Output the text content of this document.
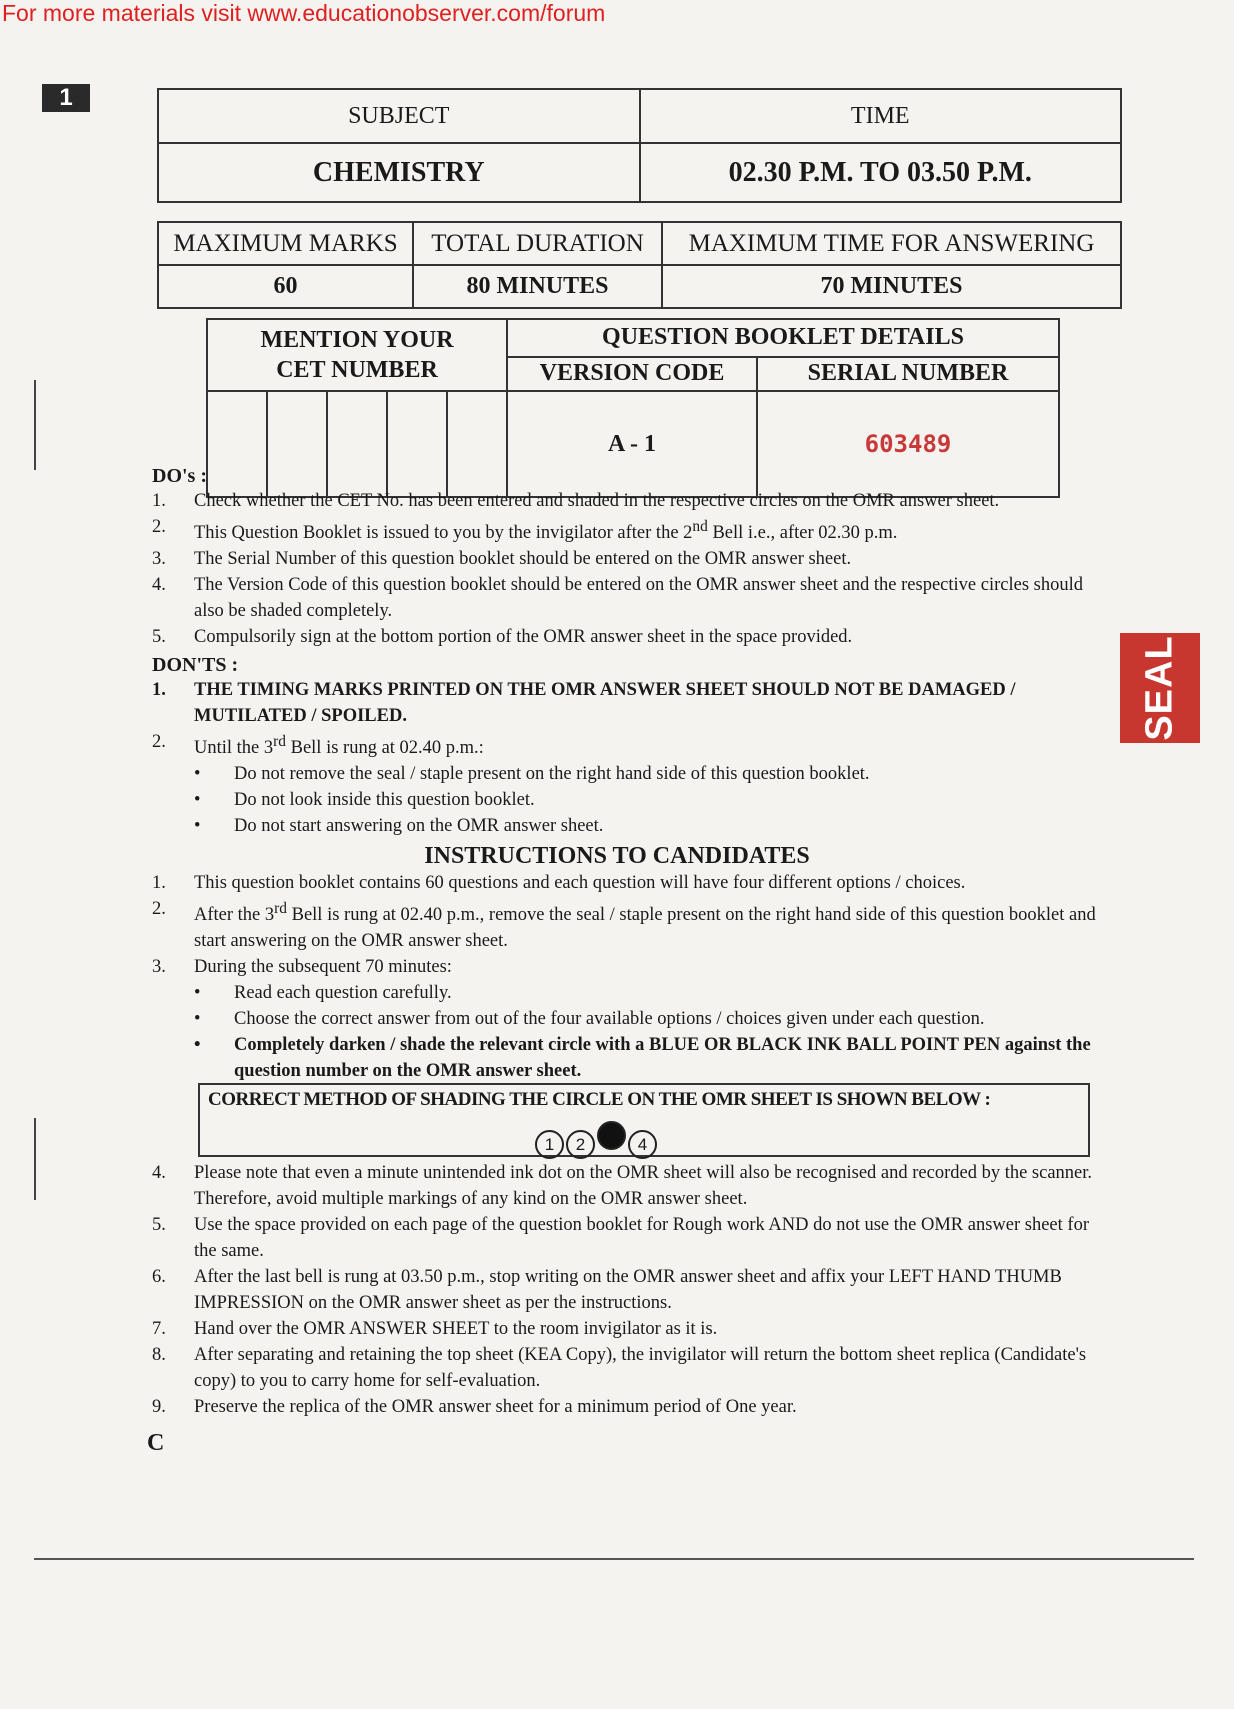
For more materials visit www.educationobserver.com/forum
1
SUBJECT	TIME
CHEMISTRY	02.30 P.M. TO 03.50 P.M.
MAXIMUM MARKS	TOTAL DURATION	MAXIMUM TIME FOR ANSWERING
60	80 MINUTES	70 MINUTES
MENTION YOUR
CET NUMBER					QUESTION BOOKLET DETAILS	
					VERSION CODE	SERIAL NUMBER
					A - 1	603489
DO's :
1. Check whether the CET No. has been entered and shaded in the respective circles on the OMR answer sheet.
2. This Question Booklet is issued to you by the invigilator after the 2nd Bell i.e., after 02.30 p.m.
3. The Serial Number of this question booklet should be entered on the OMR answer sheet.
4. The Version Code of this question booklet should be entered on the OMR answer sheet and the respective circles should also be shaded completely.
5. Compulsorily sign at the bottom portion of the OMR answer sheet in the space provided.
DON'TS :
1. THE TIMING MARKS PRINTED ON THE OMR ANSWER SHEET SHOULD NOT BE DAMAGED / MUTILATED / SPOILED.
2. Until the 3rd Bell is rung at 02.40 p.m.:
• Do not remove the seal / staple present on the right hand side of this question booklet.
• Do not look inside this question booklet.
• Do not start answering on the OMR answer sheet.
INSTRUCTIONS TO CANDIDATES
1. This question booklet contains 60 questions and each question will have four different options / choices.
2. After the 3rd Bell is rung at 02.40 p.m., remove the seal / staple present on the right hand side of this question booklet and start answering on the OMR answer sheet.
3. During the subsequent 70 minutes:
• Read each question carefully.
• Choose the correct answer from out of the four available options / choices given under each question.
• Completely darken / shade the relevant circle with a BLUE OR BLACK INK BALL POINT PEN against the question number on the OMR answer sheet.
CORRECT METHOD OF SHADING THE CIRCLE ON THE OMR SHEET IS SHOWN BELOW :
1 2	4
4. Please note that even a minute unintended ink dot on the OMR sheet will also be recognised and recorded by the scanner. Therefore, avoid multiple markings of any kind on the OMR answer sheet.
5. Use the space provided on each page of the question booklet for Rough work AND do not use the OMR answer sheet for the same.
6. After the last bell is rung at 03.50 p.m., stop writing on the OMR answer sheet and affix your LEFT HAND THUMB IMPRESSION on the OMR answer sheet as per the instructions.
7. Hand over the OMR ANSWER SHEET to the room invigilator as it is.
8. After separating and retaining the top sheet (KEA Copy), the invigilator will return the bottom sheet replica (Candidate's copy) to you to carry home for self-evaluation.
9. Preserve the replica of the OMR answer sheet for a minimum period of One year.
SEAL
C
